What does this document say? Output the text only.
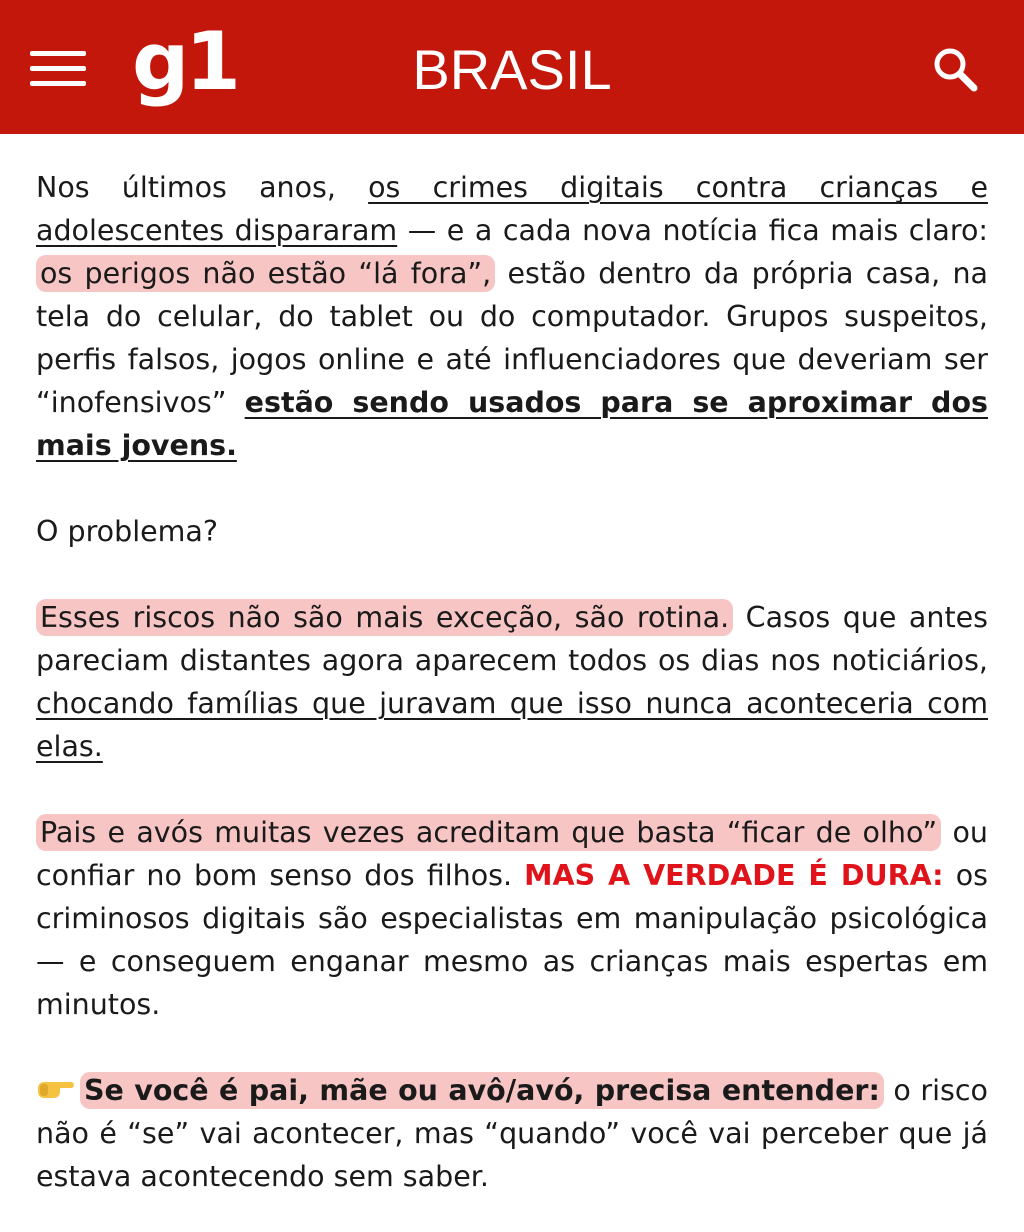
g1	BRASIL

Nos últimos anos, os crimes digitais contra crianças e adolescentes dispararam — e a cada nova notícia fica mais claro: os perigos não estão “lá fora”, estão dentro da própria casa, na tela do celular, do tablet ou do computador. Grupos suspeitos, perfis falsos, jogos online e até influenciadores que deveriam ser “inofensivos” estão sendo usados para se aproximar dos mais jovens.

O problema?

Esses riscos não são mais exceção, são rotina. Casos que antes pareciam distantes agora aparecem todos os dias nos noticiários, chocando famílias que juravam que isso nunca aconteceria com elas.

Pais e avós muitas vezes acreditam que basta “ficar de olho” ou confiar no bom senso dos filhos. MAS A VERDADE É DURA: os criminosos digitais são especialistas em manipulação psicológica — e conseguem enganar mesmo as crianças mais espertas em minutos.

Se você é pai, mãe ou avô/avó, precisa entender: o risco não é “se” vai acontecer, mas “quando” você vai perceber que já estava acontecendo sem saber.
